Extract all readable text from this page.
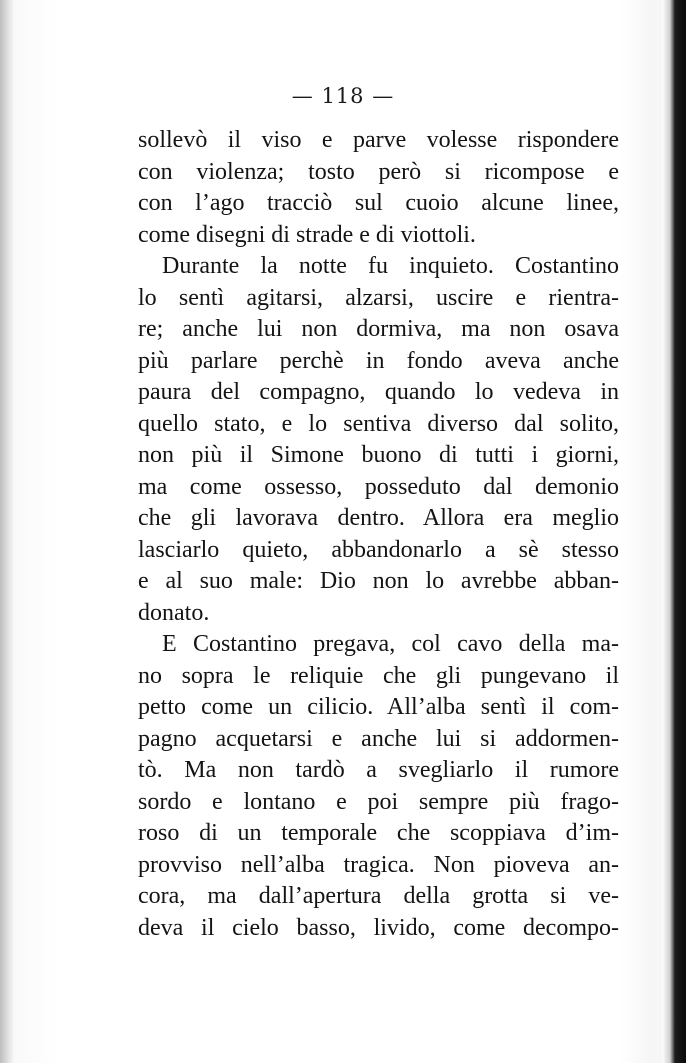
— 118 —
sollevò il viso e parve volesse rispondere
con violenza; tosto però si ricompose e
con l’ago tracciò sul cuoio alcune linee,
come disegni di strade e di viottoli.
Durante la notte fu inquieto. Costantino
lo sentì agitarsi, alzarsi, uscire e rientra-
re; anche lui non dormiva, ma non osava
più parlare perchè in fondo aveva anche
paura del compagno, quando lo vedeva in
quello stato, e lo sentiva diverso dal solito,
non più il Simone buono di tutti i giorni,
ma come ossesso, posseduto dal demonio
che gli lavorava dentro. Allora era meglio
lasciarlo quieto, abbandonarlo a sè stesso
e al suo male: Dio non lo avrebbe abban-
donato.
E Costantino pregava, col cavo della ma-
no sopra le reliquie che gli pungevano il
petto come un cilicio. All’alba sentì il com-
pagno acquetarsi e anche lui si addormen-
tò. Ma non tardò a svegliarlo il rumore
sordo e lontano e poi sempre più frago-
roso di un temporale che scoppiava d’im-
provviso nell’alba tragica. Non pioveva an-
cora, ma dall’apertura della grotta si ve-
deva il cielo basso, livido, come decompo-
